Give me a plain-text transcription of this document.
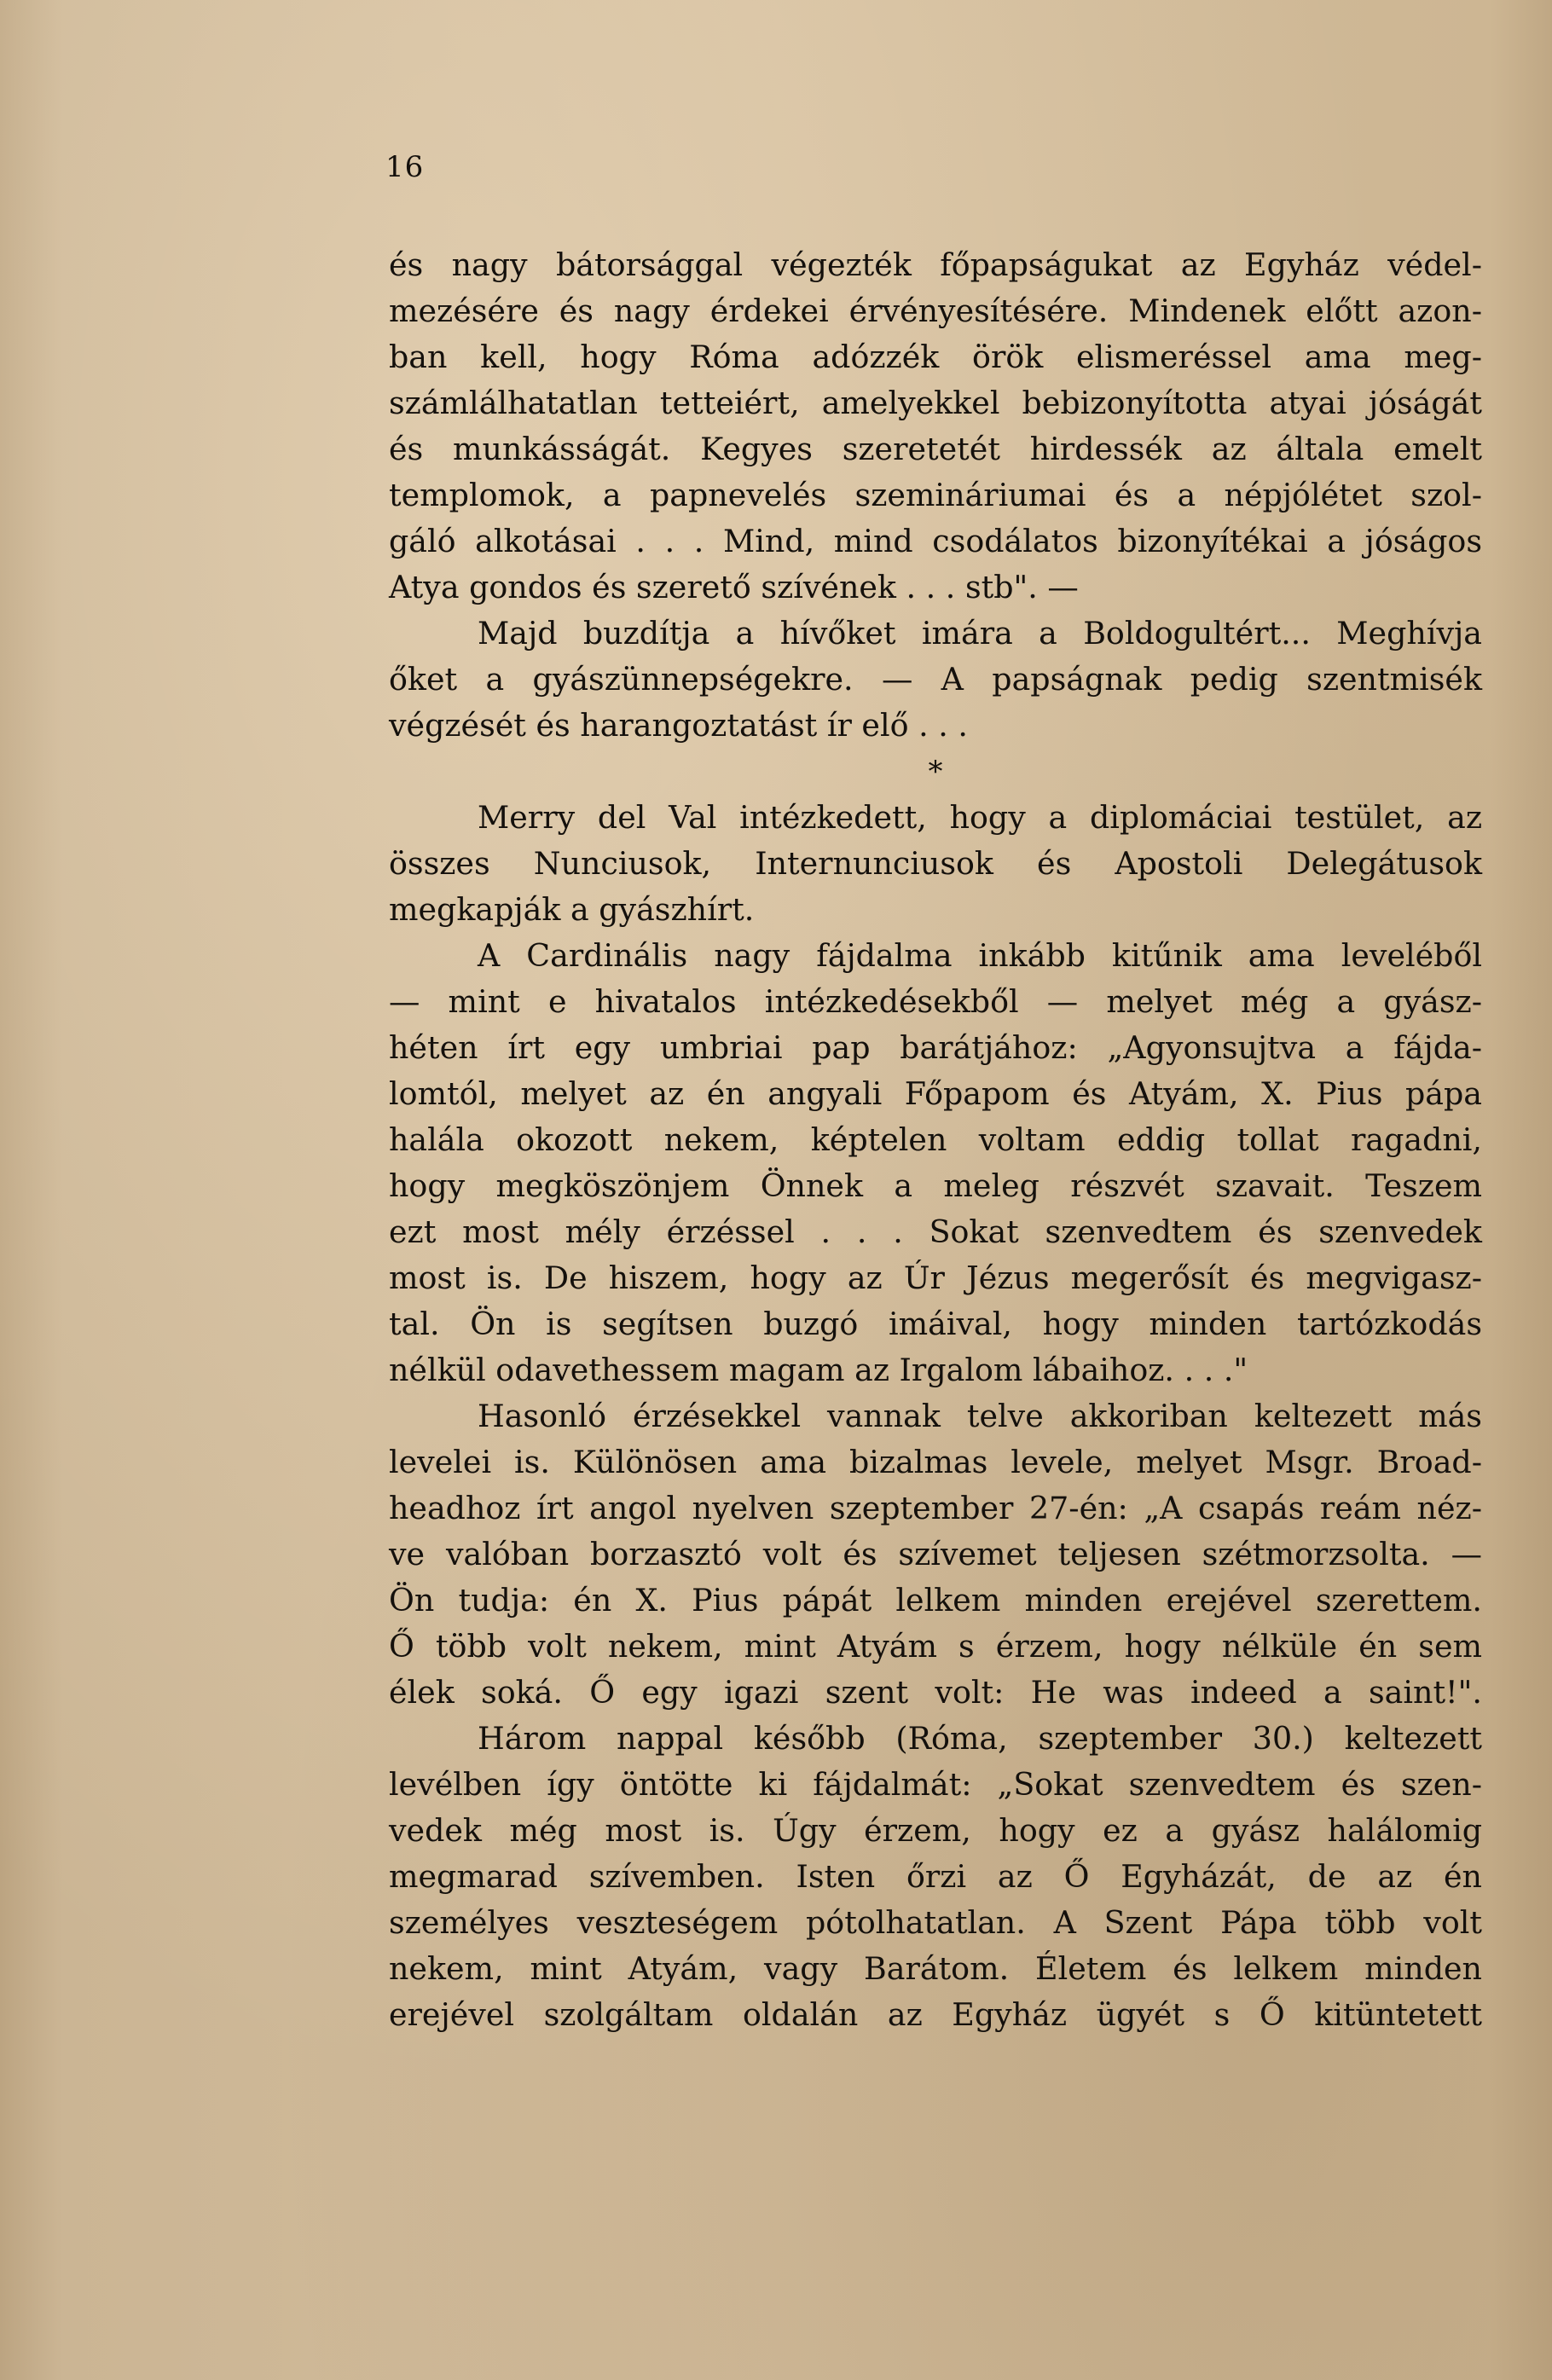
16
és nagy bátorsággal végezték főpapságukat az Egyház védel-
mezésére és nagy érdekei érvényesítésére. Mindenek előtt azon-
ban kell, hogy Róma adózzék örök elismeréssel ama meg-
számlálhatatlan tetteiért, amelyekkel bebizonyította atyai jóságát
és munkásságát. Kegyes szeretetét hirdessék az általa emelt
templomok, a papnevelés szemináriumai és a népjólétet szol-
gáló alkotásai . . . Mind, mind csodálatos bizonyítékai a jóságos
Atya gondos és szerető szívének . . . stb". —
Majd buzdítja a hívőket imára a Boldogultért... Meghívja
őket a gyászünnepségekre. — A papságnak pedig szentmisék
végzését és harangoztatást ír elő . . .
*
Merry del Val intézkedett, hogy a diplomáciai testület, az
összes Nunciusok, Internunciusok és Apostoli Delegátusok
megkapják a gyászhírt.
A Cardinális nagy fájdalma inkább kitűnik ama leveléből
— mint e hivatalos intézkedésekből — melyet még a gyász-
héten írt egy umbriai pap barátjához: „Agyonsujtva a fájda-
lomtól, melyet az én angyali Főpapom és Atyám, X. Pius pápa
halála okozott nekem, képtelen voltam eddig tollat ragadni,
hogy megköszönjem Önnek a meleg részvét szavait. Teszem
ezt most mély érzéssel . . . Sokat szenvedtem és szenvedek
most is. De hiszem, hogy az Úr Jézus megerősít és megvigasz-
tal. Ön is segítsen buzgó imáival, hogy minden tartózkodás
nélkül odavethessem magam az Irgalom lábaihoz. . . ."
Hasonló érzésekkel vannak telve akkoriban keltezett más
levelei is. Különösen ama bizalmas levele, melyet Msgr. Broad-
headhoz írt angol nyelven szeptember 27-én: „A csapás reám néz-
ve valóban borzasztó volt és szívemet teljesen szétmorzsolta. —
Ön tudja: én X. Pius pápát lelkem minden erejével szerettem.
Ő több volt nekem, mint Atyám s érzem, hogy nélküle én sem
élek soká. Ő egy igazi szent volt: He was indeed a saint!".
Három nappal később (Róma, szeptember 30.) keltezett
levélben így öntötte ki fájdalmát: „Sokat szenvedtem és szen-
vedek még most is. Úgy érzem, hogy ez a gyász halálomig
megmarad szívemben. Isten őrzi az Ő Egyházát, de az én
személyes veszteségem pótolhatatlan. A Szent Pápa több volt
nekem, mint Atyám, vagy Barátom. Életem és lelkem minden
erejével szolgáltam oldalán az Egyház ügyét s Ő kitüntetett
